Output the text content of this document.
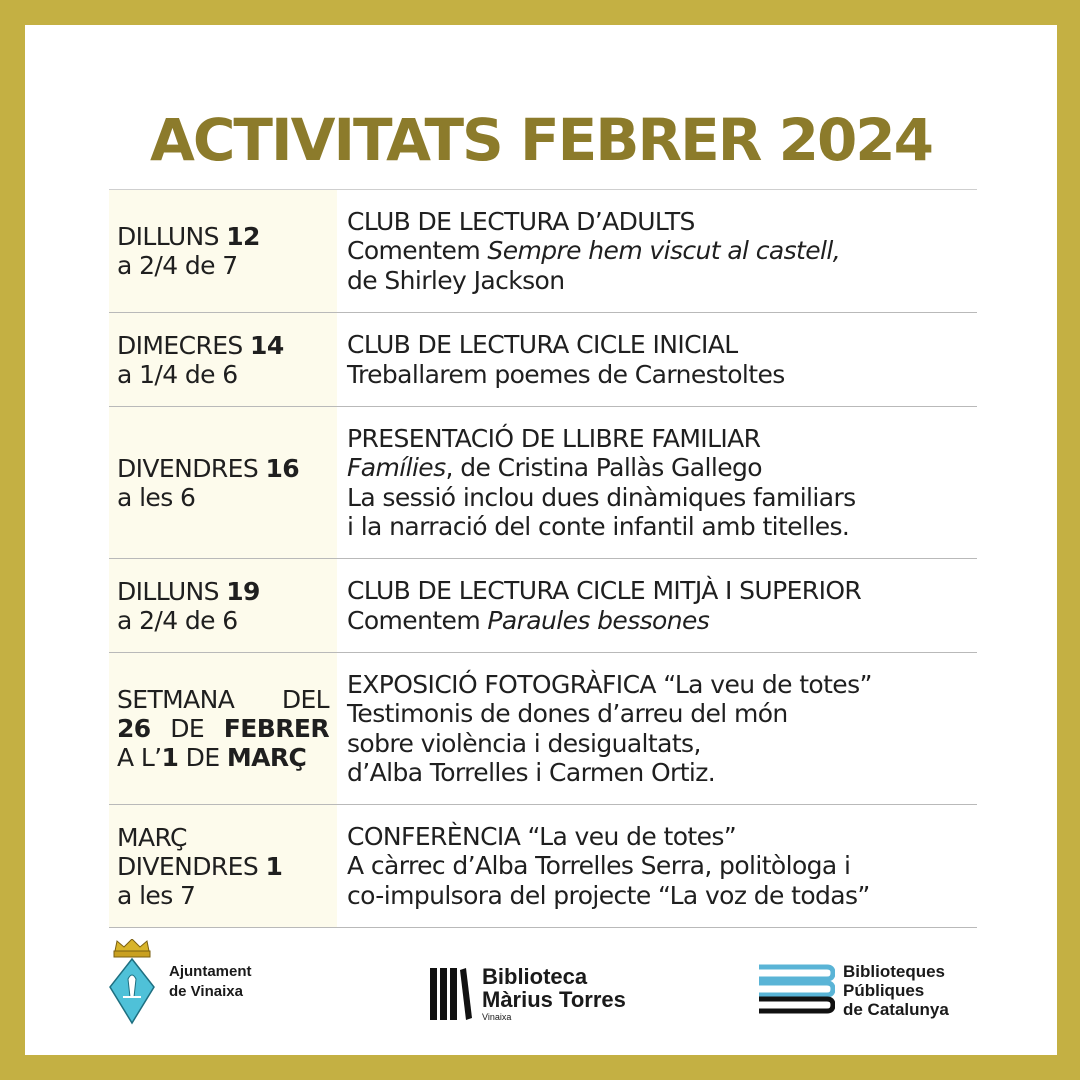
ACTIVITATS FEBRER 2024
DILLUNS 12
a 2/4 de 7
CLUB DE LECTURA D’ADULTS
Comentem Sempre hem viscut al castell,
de Shirley Jackson
DIMECRES 14
a 1/4 de 6
CLUB DE LECTURA CICLE INICIAL
Treballarem poemes de Carnestoltes
DIVENDRES 16
a les 6
PRESENTACIÓ DE LLIBRE FAMILIAR
Famílies, de Cristina Pallàs Gallego
La sessió inclou dues dinàmiques familiars
i la narració del conte infantil amb titelles.
DILLUNS 19
a 2/4 de 6
CLUB DE LECTURA CICLE MITJÀ I SUPERIOR
Comentem Paraules bessones
SETMANA DEL
26 DE FEBRER
A L’1 DE MARÇ
EXPOSICIÓ FOTOGRÀFICA “La veu de totes”
Testimonis de dones d’arreu del món
sobre violència i desigualtats,
d’Alba Torrelles i Carmen Ortiz.
MARÇ
DIVENDRES 1
a les 7
CONFERÈNCIA “La veu de totes”
A càrrec d’Alba Torrelles Serra, politòloga i
co-impulsora del projecte “La voz de todas”
Ajuntament
de Vinaixa
Biblioteca
Màrius Torres
Vinaixa
Biblioteques
Públiques
de Catalunya
